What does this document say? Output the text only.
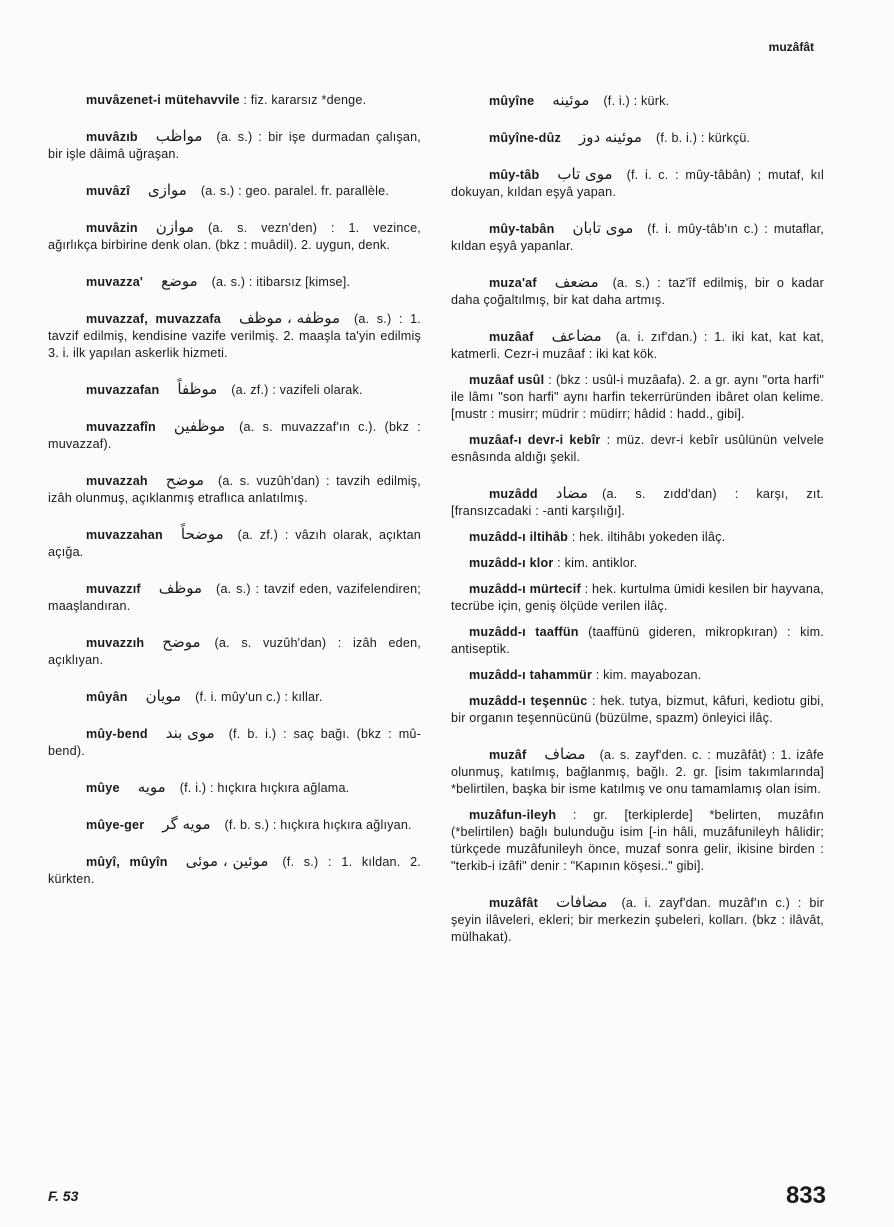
muzâfât

muvâzenet-i mütehavvile : fiz. kararsız *denge.

muvâzıb مواظب (a. s.) : bir işe durmadan çalışan, bir işle dâimâ uğraşan.

muvâzî موازى (a. s.) : geo. paralel. fr. parallèle.

muvâzin موازن (a. s. vezn'den) : 1. vezince, ağırlıkça birbirine denk olan. (bkz : muâdil). 2. uygun, denk.

muvazza' موضع (a. s.) : itibarsız [kimse].

muvazzaf, muvazzafa موظفه ، موظف (a. s.) : 1. tavzif edilmiş, kendisine vazife verilmiş. 2. maaşla ta'yin edilmiş 3. i. ilk yapılan askerlik hizmeti.

muvazzafan موظفاً (a. zf.) : vazifeli olarak.

muvazzafîn موظفين (a. s. muvazzaf'ın c.). (bkz : muvazzaf).

muvazzah موضح (a. s. vuzûh'dan) : tavzih edilmiş, izâh olunmuş, açıklanmış etraflıca anlatılmış.

muvazzahan موضحاً (a. zf.) : vâzıh olarak, açıktan açığa.

muvazzıf موظف (a. s.) : tavzif eden, vazifelendiren; maaşlandıran.

muvazzıh موضح (a. s. vuzûh'dan) : izâh eden, açıklıyan.

mûyân مويان (f. i. mûy'un c.) : kıllar.

mûy-bend موى بند (f. b. i.) : saç bağı. (bkz : mû-bend).

mûye مويه (f. i.) : hıçkıra hıçkıra ağlama.

mûye-ger مويه گر (f. b. s.) : hıçkıra hıçkıra ağlıyan.

mûyî, mûyîn موئين ، موئى (f. s.) : 1. kıldan. 2. kürkten.

mûyîne موئينه (f. i.) : kürk.

mûyîne-dûz موئينه دوز (f. b. i.) : kürkçü.

mûy-tâb موى تاب (f. i. c. : mûy-tâbân) ; mutaf, kıl dokuyan, kıldan eşyâ yapan.

mûy-tabân موى تابان (f. i. mûy-tâb'ın c.) : mutaflar, kıldan eşyâ yapanlar.

muza'af مضعف (a. s.) : taz'îf edilmiş, bir o kadar daha çoğaltılmış, bir kat daha artmış.

muzâaf مضاعف (a. i. zıf'dan.) : 1. iki kat, kat kat, katmerli. Cezr-i muzâaf : iki kat kök.

muzâaf usûl : (bkz : usûl-i muzâafa). 2. a gr. aynı "orta harfi" ile lâmı "son harfi" aynı harfin tekerrüründen ibâret olan kelime. [mustr : musirr; müdrir : müdirr; hâdid : hadd., gibi].

muzâaf-ı devr-i kebîr : müz. devr-i kebîr usûlünün velvele esnâsında aldığı şekil.

muzâdd مضاد (a. s. zıdd'dan) : karşı, zıt. [fransızcadaki : -anti karşılığı].

muzâdd-ı iltihâb : hek. iltihâbı yokeden ilâç.

muzâdd-ı klor : kim. antiklor.

muzâdd-ı mürtecif : hek. kurtulma ümidi kesilen bir hayvana, tecrübe için, geniş ölçüde verilen ilâç.

muzâdd-ı taaffün (taaffünü gideren, mikropkıran) : kim. antiseptik.

muzâdd-ı tahammür : kim. mayabozan.

muzâdd-ı teşennüc : hek. tutya, bizmut, kâfuri, kediotu gibi, bir organın teşennücünü (büzülme, spazm) önleyici ilâç.

muzâf مضاف (a. s. zayf'den. c. : muzâfât) : 1. izâfe olunmuş, katılmış, bağlanmış, bağlı. 2. gr. [isim takımlarında] *belirtilen, başka bir isme katılmış ve onu tamamlamış olan isim.

muzâfun-ileyh : gr. [terkiplerde] *belirten, muzâfın (*belirtilen) bağlı bulunduğu isim [-in hâli, muzâfunileyh hâlidir; türkçede muzâfunileyh önce, muzaf sonra gelir, ikisine birden : "terkib-i izâfi" denir : "Kapının köşesi.." gibi].

muzâfât مضافات (a. i. zayf'dan. muzâf'ın c.) : bir şeyin ilâveleri, ekleri; bir merkezin şubeleri, kolları. (bkz : ilâvât, mülhakat).

F. 53	833
